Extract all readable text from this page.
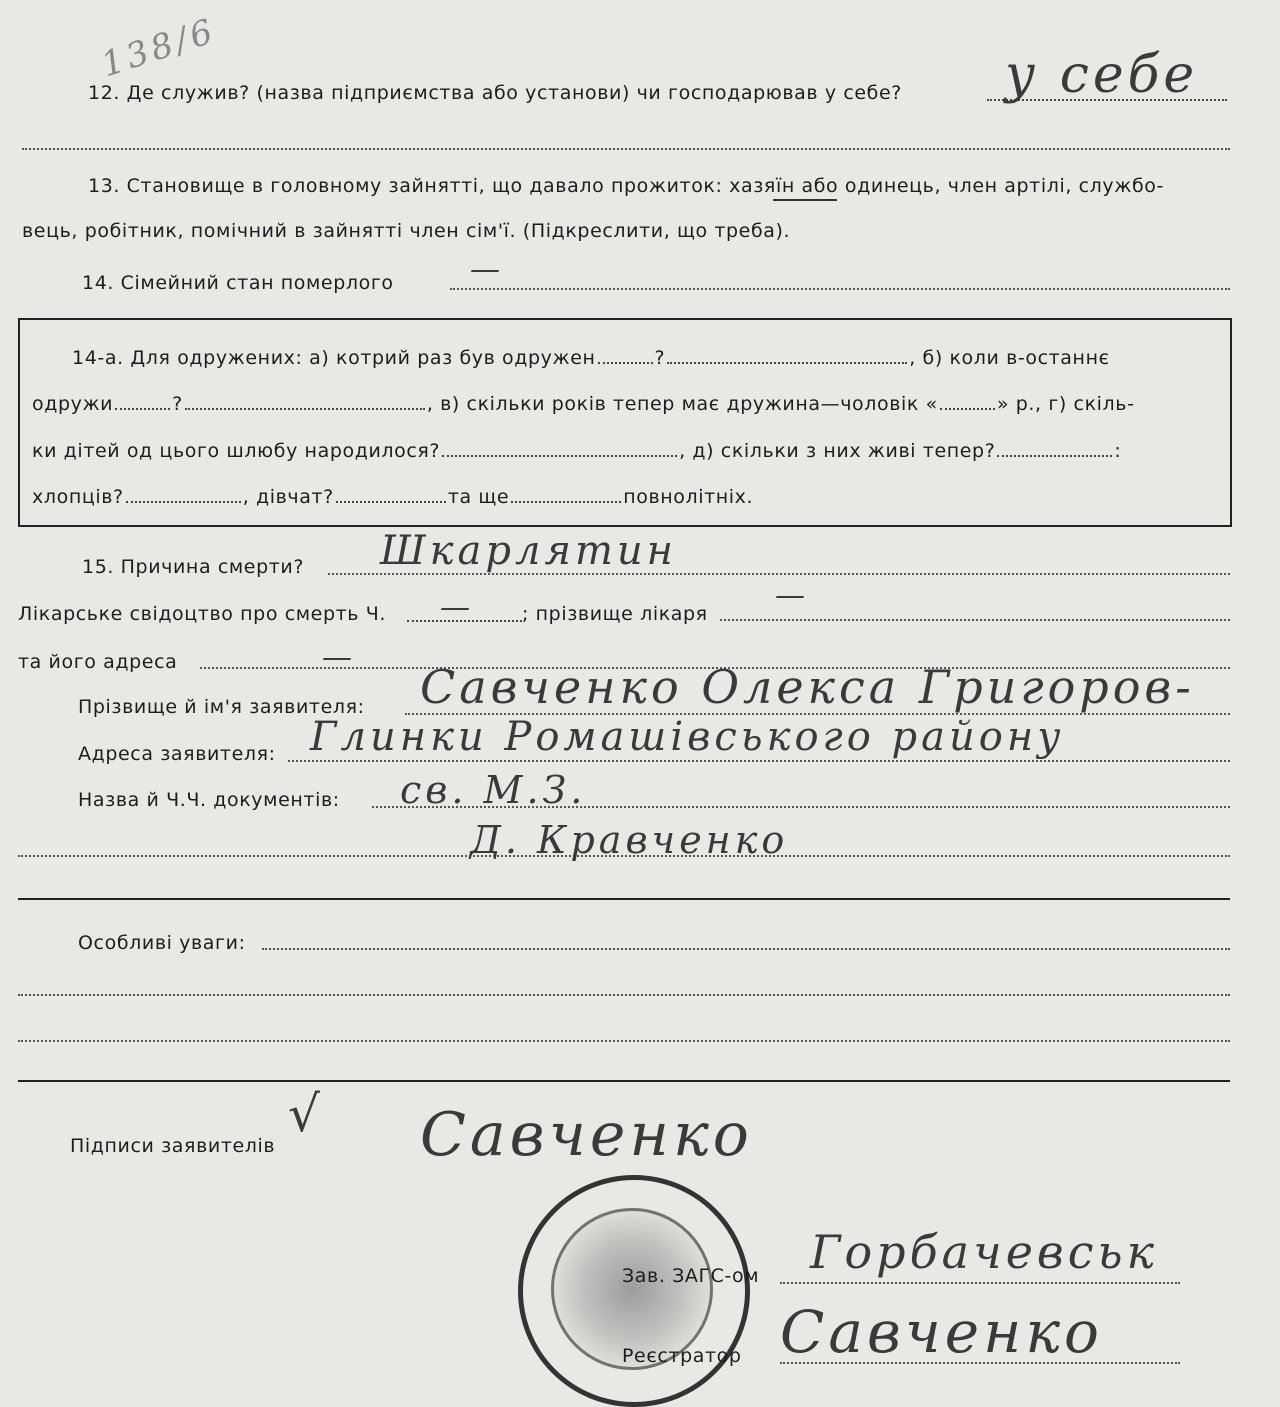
138/6
12. Де служив? (назва підприємства або установи) чи господарював у себе? у себе
13. Становище в головному зайнятті, що давало прожиток: хазяїн або одинець, член артілі, службо-
вець, робітник, помічний в зайнятті член сім'ї. (Підкреслити, що треба).
14. Сімейний стан померлого	—
14-а. Для одружених: а) котрий раз був одружен	?	, б) коли в-останнє
одружи	?	, в) скільки років тепер має дружина—чоловік «	» р., г) скіль-
ки дітей од цього шлюбу народилося?	, д) скільки з них живі тепер?	:
хлопців?	, дівчат?	та ще	повнолітніх.
15. Причина смерти? Шкарлятин
Лікарське свідоцтво про смерть Ч. —	; прізвище лікаря
—
та його адреса	—
Прізвище й ім'я заявителя: Савченко Олекса Григоров-
Адреса заявителя: Глинки Ромашівського району
Назва й Ч.Ч. документів: св. М.З.
Д. Кравченко
Особливі уваги:
Підписи заявителів
√ Савченко
Зав. ЗАГС-ом Горбачевськ
Реєстратор Савченко
